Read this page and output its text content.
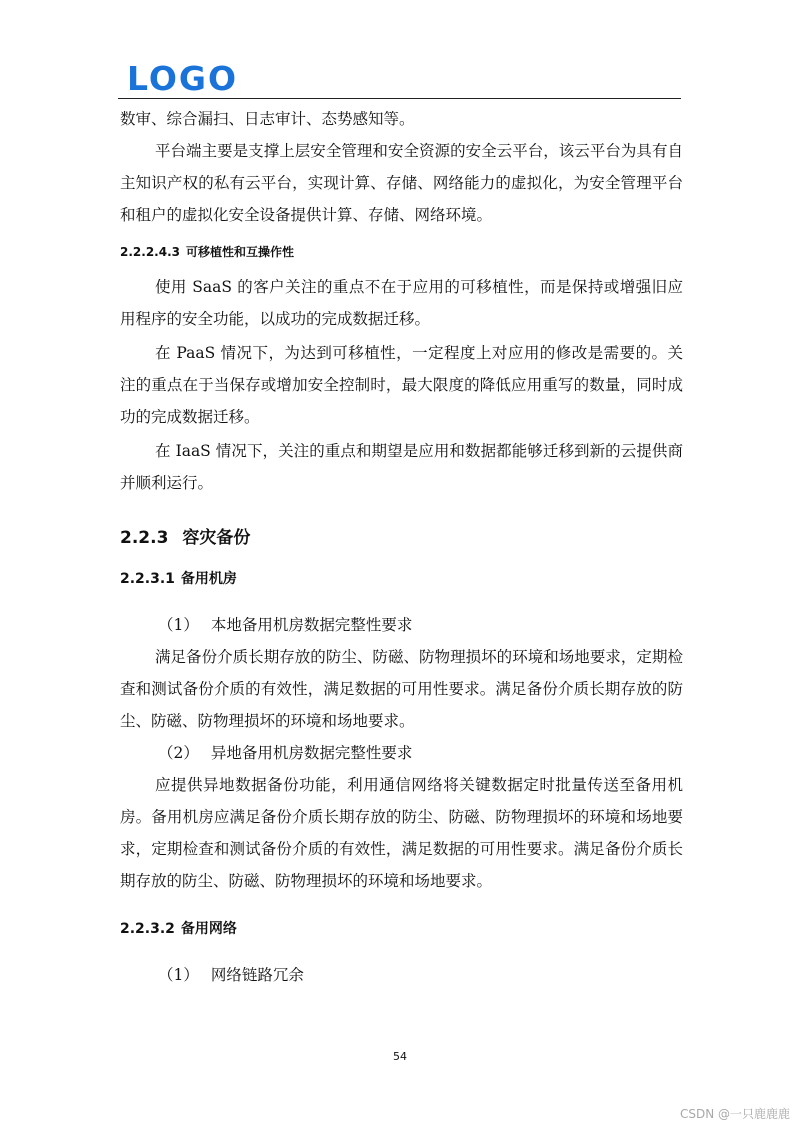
LOGO

数审、综合漏扫、日志审计、态势感知等。

平台端主要是支撑上层安全管理和安全资源的安全云平台，该云平台为具有自主知识产权的私有云平台，实现计算、存储、网络能力的虚拟化，为安全管理平台和租户的虚拟化安全设备提供计算、存储、网络环境。

2.2.2.4.3 可移植性和互操作性

使用 SaaS 的客户关注的重点不在于应用的可移植性，而是保持或增强旧应用程序的安全功能，以成功的完成数据迁移。

在 PaaS 情况下，为达到可移植性，一定程度上对应用的修改是需要的。关注的重点在于当保存或增加安全控制时，最大限度的降低应用重写的数量，同时成功的完成数据迁移。

在 IaaS 情况下，关注的重点和期望是应用和数据都能够迁移到新的云提供商并顺利运行。

2.2.3 容灾备份
2.2.3.1 备用机房

（1） 本地备用机房数据完整性要求

满足备份介质长期存放的防尘、防磁、防物理损坏的环境和场地要求，定期检查和测试备份介质的有效性，满足数据的可用性要求。满足备份介质长期存放的防尘、防磁、防物理损坏的环境和场地要求。

（2） 异地备用机房数据完整性要求

应提供异地数据备份功能，利用通信网络将关键数据定时批量传送至备用机房。备用机房应满足备份介质长期存放的防尘、防磁、防物理损坏的环境和场地要求，定期检查和测试备份介质的有效性，满足数据的可用性要求。满足备份介质长期存放的防尘、防磁、防物理损坏的环境和场地要求。

2.2.3.2 备用网络

（1） 网络链路冗余

54
CSDN @一只鹿鹿鹿
